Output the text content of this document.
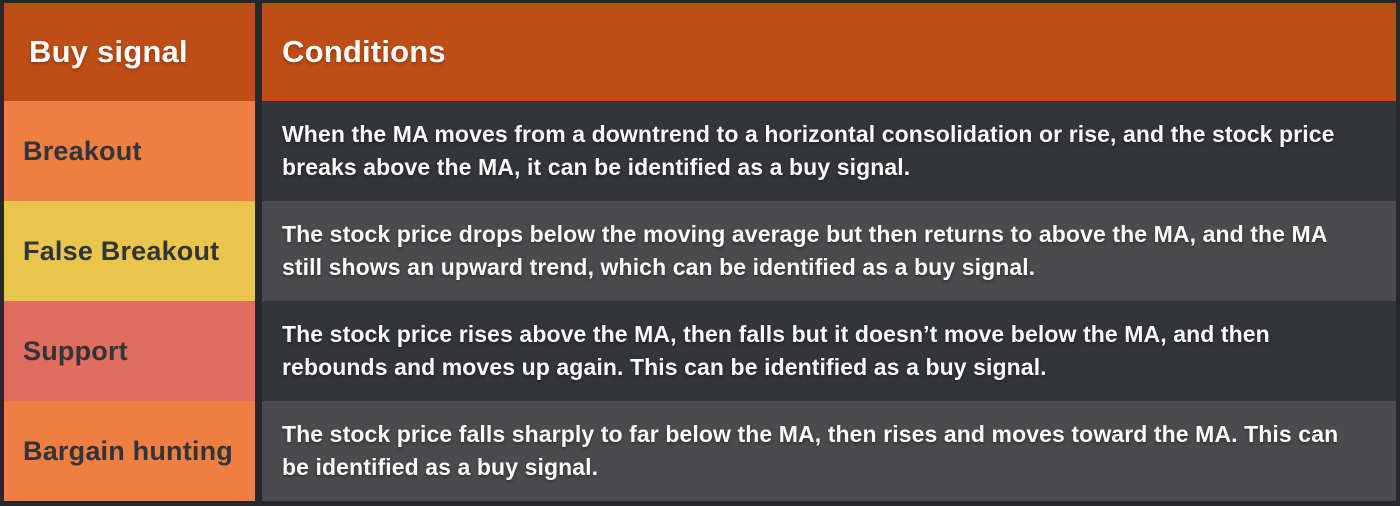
Buy signal	Conditions
Breakout
When the MA moves from a downtrend to a horizontal consolidation or rise, and the stock price breaks above the MA, it can be identified as a buy signal.
False Breakout
The stock price drops below the moving average but then returns to above the MA, and the MA still shows an upward trend, which can be identified as a buy signal.
Support
The stock price rises above the MA, then falls but it doesn’t move below the MA, and then rebounds and moves up again. This can be identified as a buy signal.
Bargain hunting
The stock price falls sharply to far below the MA, then rises and moves toward the MA. This can be identified as a buy signal.
